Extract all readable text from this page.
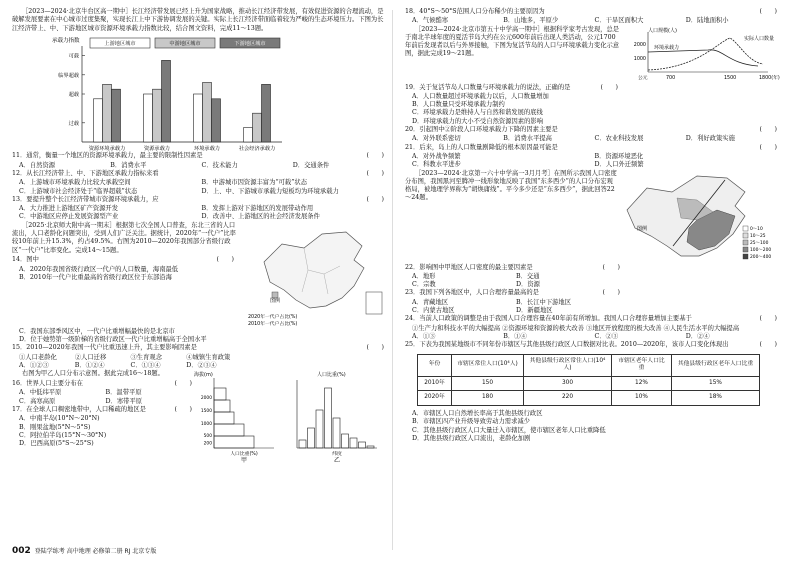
［2023—2024·北京牛台区高一期中］长江经济带发展已经上升为国家战略，推动长江经济带发展，有效促进资源的合理流动，是破解发展要素在中心城市过度集聚，实现长江上中下游协调发展的关键。实际上长江经济带面临着较为严峻的生态环境压力。下图为长江经济带上、中、下游地区城市资源环境承载力指数比较，结合图文资料，完成11～13题。
承载力指数
可载
临界超载
超载
过载
上游地区城市	中游地区城市	下游地区城市
资源环境承载力	资源承载力	环境承载力	社会经济承载力
11．通常，衡量一个地区的资源环境承载力，最主要的限制性因素是	(　　)
A．自然资源	B．消费水平	C．技术能力	D．交通条件
12．从长江经济带上、中、下游地区承载力指标来看	(　　)
A．上游城市环境承载力比较大承载空间	B．中游城市因资源丰富为“可载”状态
C．上游城市社会经济处于“临界超载”状态	D．上、中、下游城市承载力短板均为环境承载力
13．要提升整个长江经济带城市资源环境承载力，应	(　　)
A．大力推进上游地区矿产资源开发	B．发挥上游对下游地区的发展带动作用
C．中游地区应停止发展资源型产业	D．改善中、上游地区的社会经济发展条件
［2025·北京师大附中高一期末］根据第七次全国人口普查，东北三省的人口流出，人口老龄化问题突出，受到人们广泛关注。据统计，2020年“一代户”比率较10年前上升15.3%，约占49.5%。右图为2010—2020年我国部分省级行政区“一代户”比率变化。完成14～15题。
14．图中	(　　)
A．2020年我国省级行政区一代户的人口数量，海南最低
B．2010年一代户比重最高的省级行政区位于东部沿海
图例
2020年一代户占比(%)
2010年一代户占比(%)
C．我国东部季风区中，一代户比重增幅最快的是北京市
D．位于她势第一级阶梯的省级行政区一代户比重增幅高于全国水平
15．2010—2020年我国一代户比重迅速上升，其主要影响因素是	(　　)
①人口老龄化	②人口迁移	③生育观念	④城镇生育政策
A．①②③	B．①②④	C．①③④	D．②③④
右图为甲乙人口分布示意图。据此完成16～18题。
16．世界人口主要分布在	(　　)
A．中低纬平原	B．温带平原
C．高寒高原	D．寒带平原
17．在全球人口稠密地带中，人口稀疏的地区是	(　　)
A．中南半岛(10°N～20°N)
B．刚果盆地(5°N～5°S)
C．阿拉伯半岛(15°N～30°N)
D．巴西高原(5°S～25°S)
海拔(m)
2000
1500
1000
500
200
人口比重(%)
甲
人口比重(%)
纬度
乙
002 登陆学练考 高中地理 必修第二册 RJ 北京专版
18．40°S～50°S范围人口分布稀少的主要原因为	(　　)
A．气候酷寒	B．山地多，平原少	C．干旱区面积大	D．陆地面积小
［2023—2024·北京市第五十中学高一期中］根据科学家考古发现，总是于南北半球年度的夏活节岛大约在公元600年前后出现人类活动，公元1700年前后发现者以后与外界接触，下图为复活节岛的人口与环境承载力变化示意图，据此完成19～21题。
人口规模(人)
2000
1000
环境承载力
实际人口数量
公元	700	1500	1800(年)
19．关于复活节岛人口数量与环境承载力的说法，正确的是	(　　)
A．人口数量超过环境承载力以后，人口数量增加
B．人口数量只受环境承载力制约
C．环境承载力是维持人与自然和谐发展的底线
D．环境承载力的大小不受自然资源因素的影响
20．引起图中②阶段人口环境承载力下降的因素主要是	(　　)
A．对外联系密切	B．消费水平提高	C．农业科技发展	D．利好政策实施
21．后来，岛上的人口数量剧降低的根本原因最可能是	(　　)
A．对外战争频繁	B．资源环境恶化
C．科教水平进步	D．人口外迁频繁
［2023—2024·北京第一六十中学高一3月月考］在图所示我国人口密度分布图，我国黑河至腾冲一线形象地反映了我国“东多西少”的人口分布宏观格局，被地理学界称为“胡焕庸线”。平今多少还是“东多西少”，据此回答22～24题。
图例	0～10
10～25
25～100
100～200
200～400
22．影响图中甲地区人口密度的最主要因素是	(　　)
A．地形	B．交通
C．宗教	D．资源
23．我国下列各地区中，人口合理容量最高的是	(　　)
A．青藏地区	B．长江中下游地区
C．内蒙古地区	D．新疆地区
24．当前人口政策的调整是由于我国人口合理容量在40年前有所增加。我国人口合理容量增加主要基于	(　　)
①生产力和科技水平的大幅提高 ②资源环境和资源的极大改善 ③地区开放程度的极大改善 ④人民生活水平的大幅提高
A．①③	B．①④	C．②③	D．②④
25．下表为我国某地级市不同年份市辖区与其他县级行政区人口数据对比表。2010—2020年，该市人口变化体现出	(　　)
年份	市辖区常住人口(10⁴人)	其他县级行政区常住人口(10⁴人)	市辖区老年人口比重	其他县级行政区老年人口比重
2010年	150	300	12%	15%
2020年	180	220	10%	18%
A．市辖区人口自然增长率高于其他县级行政区
B．市辖区四产业升级导致劳动力需求减少
C．其他县级行政区人口大量迁入市辖区，使市辖区老年人口比重降低
D．其他县级行政区人口流出，老龄化加剧
